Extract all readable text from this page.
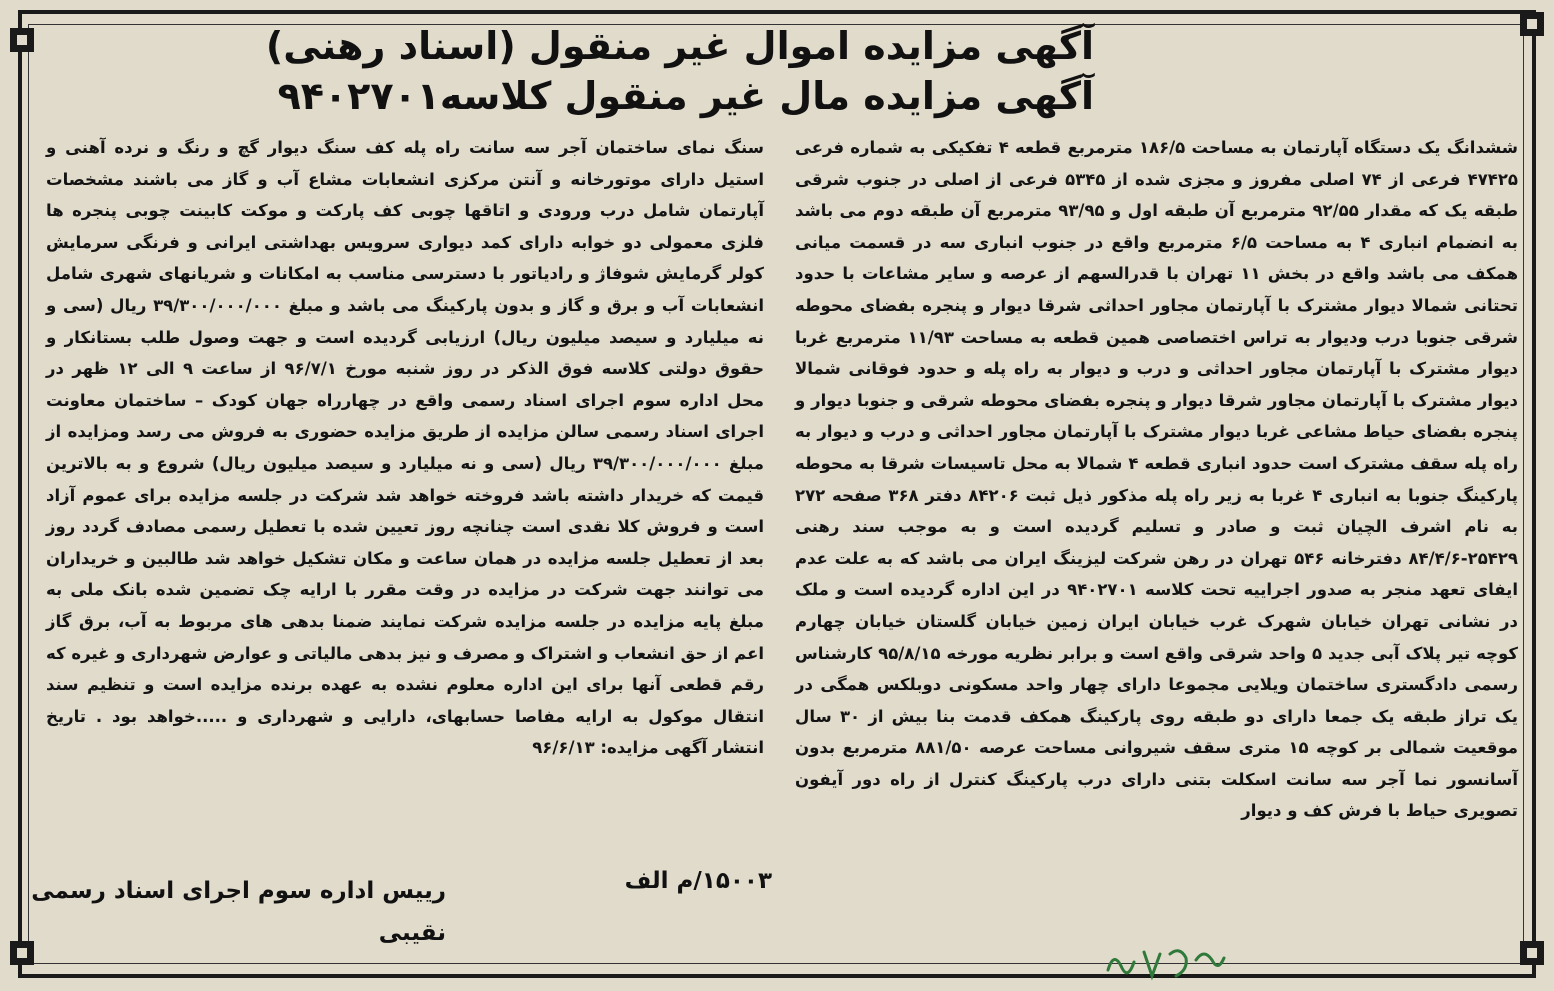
آگهی مزایده اموال غیر منقول (اسناد رهنی)
آگهی مزایده مال غیر منقول کلاسه۹۴۰۲۷۰۱
ششدانگ یک دستگاه آپارتمان به مساحت ۱۸۶/۵ مترمربع قطعه ۴ تفکیکی به شماره فرعی ۴۷۴۲۵ فرعی از ۷۴ اصلی مفروز و مجزی شده از ۵۳۴۵ فرعی از اصلی در جنوب شرقی طبقه یک که مقدار ۹۲/۵۵ مترمربع آن طبقه اول و ۹۳/۹۵ مترمربع آن طبقه دوم می باشد به انضمام انباری ۴ به مساحت ۶/۵ مترمربع واقع در جنوب انباری سه در قسمت میانی همکف می باشد واقع در بخش ۱۱ تهران با قدرالسهم از عرصه و سایر مشاعات با حدود تحتانی شمالا دیوار مشترک با آپارتمان مجاور احداثی شرقا دیوار و پنجره بفضای محوطه شرقی جنوبا درب ودیوار به تراس اختصاصی همین قطعه به مساحت ۱۱/۹۳ مترمربع غربا دیوار مشترک با آپارتمان مجاور احداثی و درب و دیوار به راه پله و حدود فوقانی شمالا دیوار مشترک با آپارتمان مجاور شرقا دیوار و پنجره بفضای محوطه شرقی و جنوبا دیوار و پنجره بفضای حیاط مشاعی غربا دیوار مشترک با آپارتمان مجاور احداثی و درب و دیوار به راه پله سقف مشترک است حدود انباری قطعه ۴ شمالا به محل تاسیسات شرقا به محوطه پارکینگ جنوبا به انباری ۴ غربا به زیر راه پله مذکور ذیل ثبت ۸۴۲۰۶ دفتر ۳۶۸ صفحه ۲۷۲ به نام اشرف الچیان ثبت و صادر و تسلیم گردیده است و به موجب سند رهنی ۲۵۴۲۹-۸۴/۴/۶ دفترخانه ۵۴۶ تهران در رهن شرکت لیزینگ ایران می باشد که به علت عدم ایفای تعهد منجر به صدور اجراییه تحت کلاسه ۹۴۰۲۷۰۱ در این اداره گردیده است و ملک در نشانی تهران خیابان شهرک غرب خیابان ایران زمین خیابان گلستان خیابان چهارم کوچه تیر پلاک آبی جدید ۵ واحد شرقی واقع است و برابر نظریه مورخه ۹۵/۸/۱۵ کارشناس رسمی دادگستری ساختمان ویلایی مجموعا دارای چهار واحد مسکونی دوبلکس همگی در یک تراز طبقه یک جمعا دارای دو طبقه روی پارکینگ همکف قدمت بنا بیش از ۳۰ سال موقعیت شمالی بر کوچه ۱۵ متری سقف شیروانی مساحت عرصه ۸۸۱/۵۰ مترمربع بدون آسانسور نما آجر سه سانت اسکلت بتنی دارای درب پارکینگ کنترل از راه دور آیفون تصویری حیاط با فرش کف و دیوار
سنگ نمای ساختمان آجر سه سانت راه پله کف سنگ دیوار گچ و رنگ و نرده آهنی و استیل دارای موتورخانه و آنتن مرکزی انشعابات مشاع آب و گاز می باشند مشخصات آپارتمان شامل درب ورودی و اتاقها چوبی کف پارکت و موکت کابینت چوبی پنجره ها فلزی معمولی دو خوابه دارای کمد دیواری سرویس بهداشتی ایرانی و فرنگی سرمایش کولر گرمایش شوفاژ و رادیاتور با دسترسی مناسب به امکانات و شریانهای شهری شامل انشعابات آب و برق و گاز و بدون پارکینگ می باشد و مبلغ ۳۹/۳۰۰/۰۰۰/۰۰۰ ریال (سی و نه میلیارد و سیصد میلیون ریال) ارزیابی گردیده است و جهت وصول طلب بستانکار و حقوق دولتی کلاسه فوق الذکر در روز شنبه مورخ ۹۶/۷/۱ از ساعت ۹ الی ۱۲ ظهر در محل اداره سوم اجرای اسناد رسمی واقع در چهارراه جهان کودک – ساختمان معاونت اجرای اسناد رسمی سالن مزایده از طریق مزایده حضوری به فروش می رسد ومزایده از مبلغ ۳۹/۳۰۰/۰۰۰/۰۰۰ ریال (سی و نه میلیارد و سیصد میلیون ریال) شروع و به بالاترین قیمت که خریدار داشته باشد فروخته خواهد شد شرکت در جلسه مزایده برای عموم آزاد است و فروش کلا نقدی است چنانچه روز تعیین شده با تعطیل رسمی مصادف گردد روز بعد از تعطیل جلسه مزایده در همان ساعت و مکان تشکیل خواهد شد طالبین و خریداران می توانند جهت شرکت در مزایده در وقت مقرر با ارایه چک تضمین شده بانک ملی به مبلغ پایه مزایده در جلسه مزایده شرکت نمایند ضمنا بدهی های مربوط به آب، برق گاز اعم از حق انشعاب و اشتراک و مصرف و نیز بدهی مالیاتی و عوارض شهرداری و غیره که رقم قطعی آنها برای این اداره معلوم نشده به عهده برنده مزایده است و تنظیم سند انتقال موکول به ارایه مفاصا حسابهای، دارایی و شهرداری و .....خواهد بود . تاریخ انتشار آگهی مزایده: ۹۶/۶/۱۳
۱۵۰۰۳/م الف
رییس اداره سوم اجرای اسناد رسمی
نقیبی
